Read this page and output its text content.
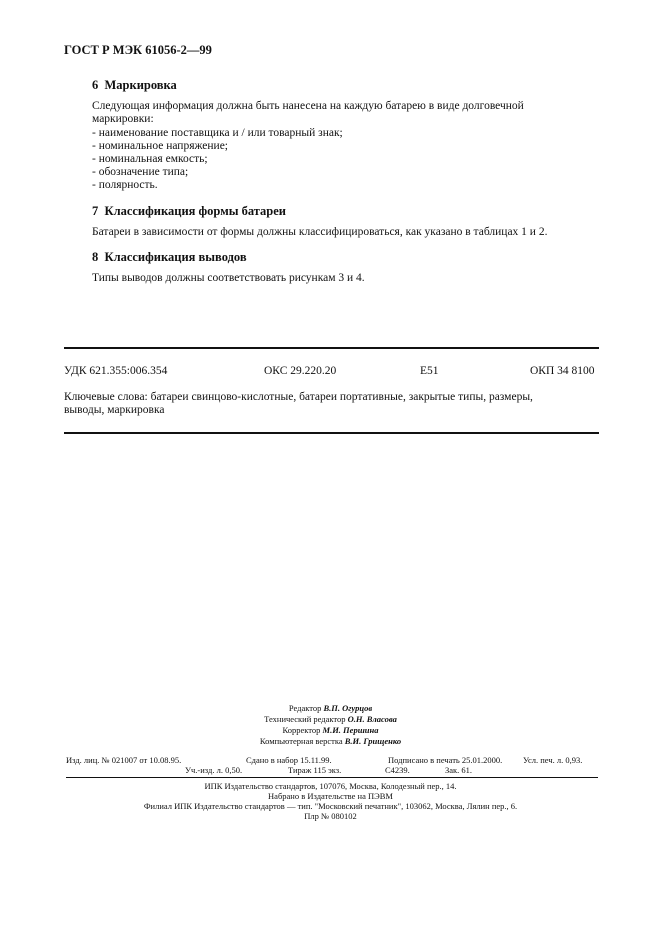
ГОСТ Р МЭК 61056-2—99
6 Маркировка
Следующая информация должна быть нанесена на каждую батарею в виде долговечной
маркировки:
- наименование поставщика и / или товарный знак;
- номинальное напряжение;
- номинальная емкость;
- обозначение типа;
- полярность.
7 Классификация формы батареи
Батареи в зависимости от формы должны классифицироваться, как указано в таблицах 1 и 2.
8 Классификация выводов
Типы выводов должны соответствовать рисункам 3 и 4.
УДК 621.355:006.354	ОКС 29.220.20	Е51	ОКП 34 8100
Ключевые слова: батареи свинцово-кислотные, батареи портативные, закрытые типы, размеры,
выводы, маркировка
Редактор В.П. Огурцов
Технический редактор О.Н. Власова
Корректор М.И. Першина
Компьютерная верстка В.И. Грищенко
Изд. лиц. № 021007 от 10.08.95.	Сдано в набор 15.11.99.	Подписано в печать 25.01.2000. Усл. печ. л. 0,93.
Уч.-изд. л. 0,50.	Тираж 115 экз.	С4239.	Зак. 61.
ИПК Издательство стандартов, 107076, Москва, Колодезный пер., 14.
Набрано в Издательстве на ПЭВМ
Филиал ИПК Издательство стандартов — тип. "Московский печатник", 103062, Москва, Лялин пер., 6.
Плр № 080102
